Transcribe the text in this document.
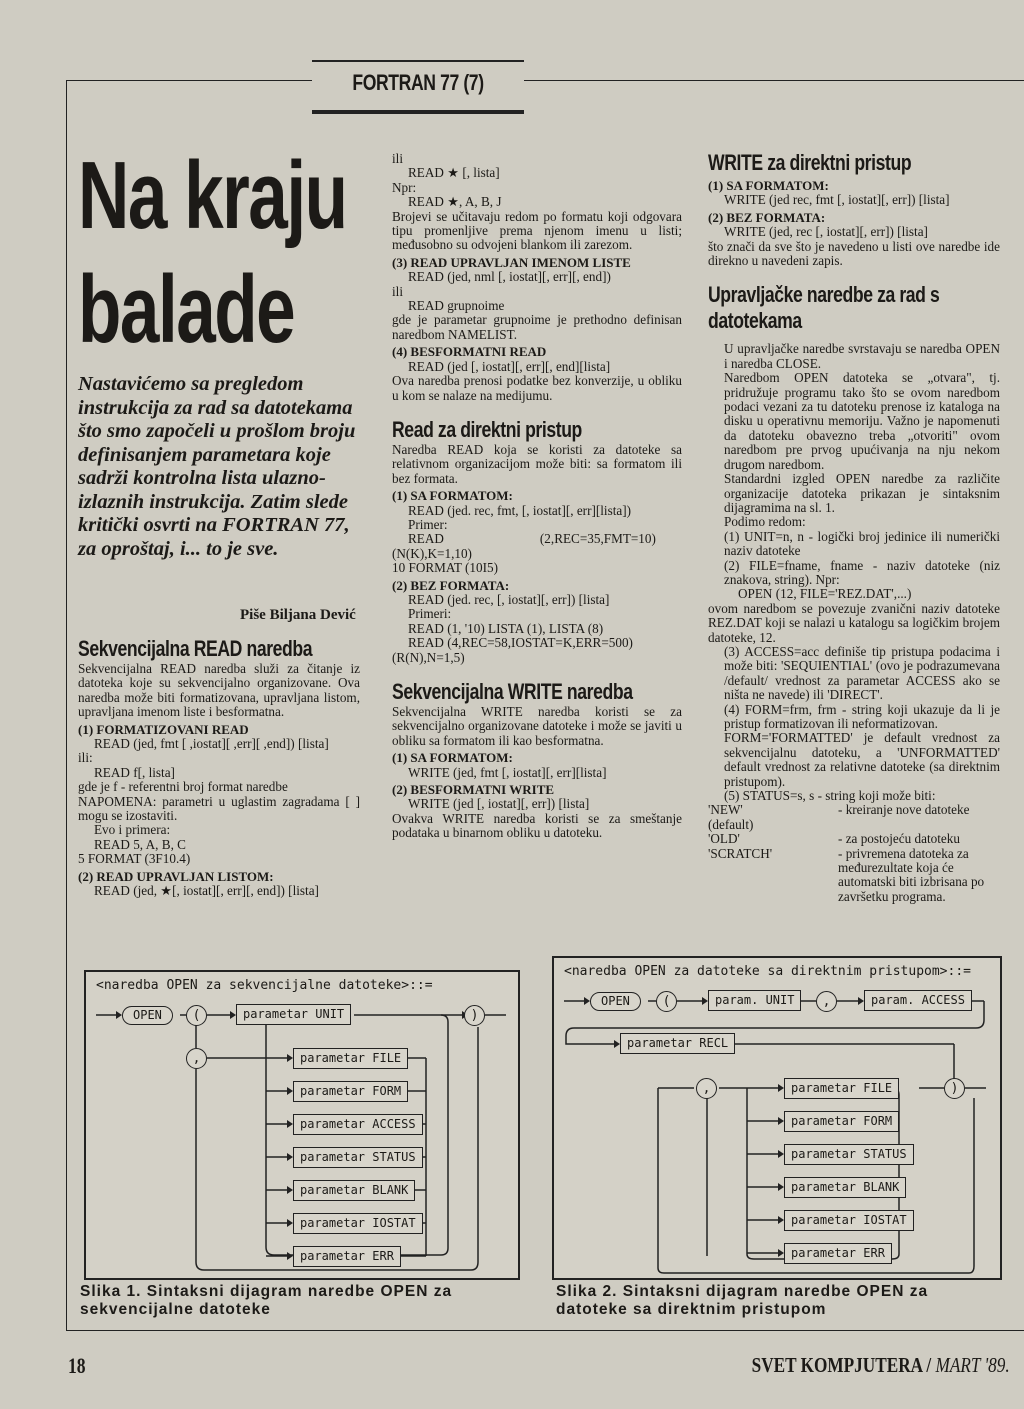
FORTRAN 77 (7)
Na kraju
balade
Nastavićemo sa pregledom instrukcija za rad sa datotekama što smo započeli u prošlom broju definisanjem parametara koje sadrži kontrolna lista ulazno-izlaznih instrukcija. Zatim slede kritički osvrti na FORTRAN 77, za oproštaj, i... to je sve.
Piše Biljana Dević
Sekvencijalna READ naredba

Sekvencijalna READ naredba služi za čitanje iz datoteka koje su sekvencijalno organizovane. Ova naredba može biti formatizovana, upravljana listom, upravljana imenom liste i besformatna.

(1) FORMATIZOVANI READ

READ (jed, fmt [ ,iostat][ ,err][ ,end]) [lista]

ili:

READ f[, lista]

gde je f - referentni broj format naredbe

NAPOMENA: parametri u uglastim zagradama [ ] mogu se izostaviti.

Evo i primera:

READ 5, A, B, C

5 FORMAT (3F10.4)

(2) READ UPRAVLJAN LISTOM:

READ (jed, ★[, iostat][, err][, end]) [lista]

ili

READ ★ [, lista]

Npr:

READ ★, A, B, J

Brojevi se učitavaju redom po formatu koji odgovara tipu promenljive prema njenom imenu u listi; međusobno su odvojeni blankom ili zarezom.

(3) READ UPRAVLJAN IMENOM LISTE

READ (jed, nml [, iostat][, err][, end])

ili

READ grupnoime

gde je parametar grupnoime je prethodno definisan naredbom NAMELIST.

(4) BESFORMATNI READ

READ (jed [, iostat][, err][, end][lista]

Ova naredba prenosi podatke bez konverzije, u obliku u kom se nalaze na medijumu.

Read za direktni pristup

Naredba READ koja se koristi za datoteke sa relativnom organizacijom može biti: sa formatom ili bez formata.

(1) SA FORMATOM:

READ (jed. rec, fmt, [, iostat][, err][lista])

Primer:

READ	(2,REC=35,FMT=10)

(N(K),K=1,10)

10 FORMAT (10I5)

(2) BEZ FORMATA:

READ (jed. rec, [, iostat][, err]) [lista]

Primeri:

READ (1, '10) LISTA (1), LISTA (8)

READ (4,REC=58,IOSTAT=K,ERR=500)

(R(N),N=1,5)

Sekvencijalna WRITE naredba

Sekvencijalna WRITE naredba koristi se za sekvencijalno organizovane datoteke i može se javiti u obliku sa formatom ili kao besformatna.

(1) SA FORMATOM:

WRITE (jed, fmt [, iostat][, err][lista]

(2) BESFORMATNI WRITE

WRITE (jed [, iostat][, err]) [lista]

Ovakva WRITE naredba koristi se za smeštanje podataka u binarnom obliku u datoteku.

WRITE za direktni pristup

(1) SA FORMATOM:

WRITE (jed rec, fmt [, iostat][, err]) [lista]

(2) BEZ FORMATA:

WRITE (jed, rec [, iostat][, err]) [lista]

što znači da sve što je navedeno u listi ove naredbe ide direkno u navedeni zapis.

Upravljačke naredbe za rad s datotekama

U upravljačke naredbe svrstavaju se naredba OPEN i naredba CLOSE.

Naredbom OPEN datoteka se „otvara", tj. pridružuje programu tako što se ovom naredbom podaci vezani za tu datoteku prenose iz kataloga na disku u operativnu memoriju. Važno je napomenuti da datoteku obavezno treba „otvoriti" ovom naredbom pre prvog upućivanja na nju nekom drugom naredbom.

Standardni izgled OPEN naredbe za različite organizacije datoteka prikazan je sintaksnim dijagramima na sl. 1.

Podimo redom:

(1) UNIT=n, n - logički broj jedinice ili numerički naziv datoteke

(2) FILE=fname, fname - naziv datoteke (niz znakova, string). Npr:

OPEN (12, FILE='REZ.DAT',...)

ovom naredbom se povezuje zvanični naziv datoteke REZ.DAT koji se nalazi u katalogu sa logičkim brojem datoteke, 12.

(3) ACCESS=acc definiše tip pristupa podacima i može biti: 'SEQUIENTIAL' (ovo je podrazumevana /default/ vrednost za parametar ACCESS ako se ništa ne navede) ili 'DIRECT'.

(4) FORM=frm, frm - string koji ukazuje da li je pristup formatizovan ili neformatizovan.

FORM='FORMATTED' je default vrednost za sekvencijalnu datoteku, a 'UNFORMATTED' default vrednost za relativne datoteke (sa direktnim pristupom).

(5) STATUS=s, s - string koji može biti:

'NEW'	- kreiranje nove datoteke

(default)

'OLD'	- za postojeću datoteku
'SCRATCH'	- privremena datoteka za međurezultate koja će automatski biti izbrisana po završetku programa.
<naredba OPEN za sekvencijalne datoteke>::=
OPEN	(	parametar UNIT	)
,	parametar FILE
parametar FORM
parametar ACCESS
parametar STATUS
parametar BLANK
parametar IOSTAT
parametar ERR
Slika 1. Sintaksni dijagram naredbe OPEN za
sekvencijalne datoteke
<naredba OPEN za datoteke sa direktnim pristupom>::=
OPEN	(	param. UNIT	,	param. ACCESS
parametar RECL
,	)
parametar FILE
parametar FORM
parametar STATUS
parametar BLANK
parametar IOSTAT
parametar ERR
Slika 2. Sintaksni dijagram naredbe OPEN za
datoteke sa direktnim pristupom
18	SVET KOMPJUTERA / MART '89.
